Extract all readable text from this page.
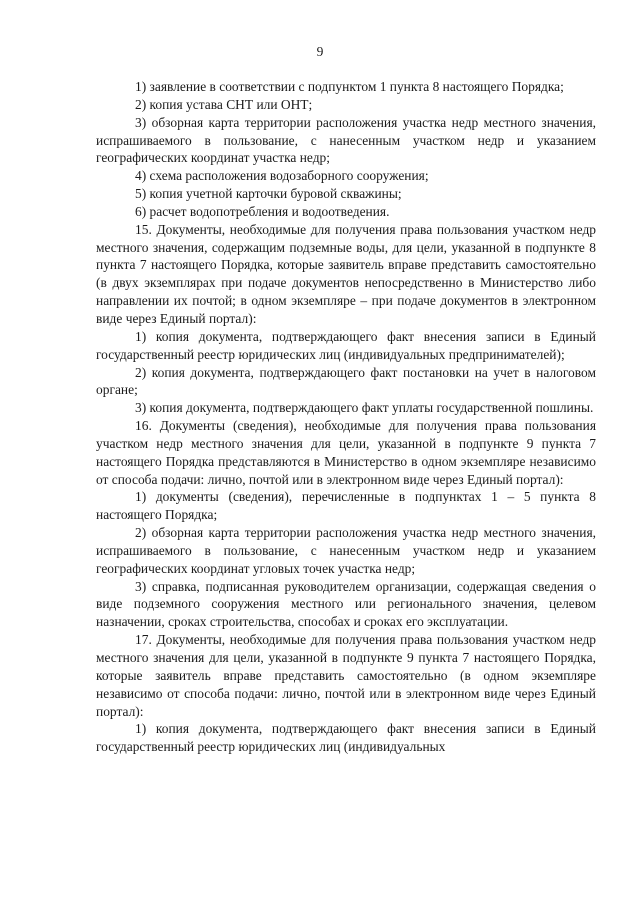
9

1) заявление в соответствии с подпунктом 1 пункта 8 настоящего Порядка;

2) копия устава СНТ или ОНТ;

3) обзорная карта территории расположения участка недр местного значения, испрашиваемого в пользование, с нанесенным участком недр и указанием географических координат участка недр;

4) схема расположения водозаборного сооружения;

5) копия учетной карточки буровой скважины;

6) расчет водопотребления и водоотведения.

15. Документы, необходимые для получения права пользования участком недр местного значения, содержащим подземные воды, для цели, указанной в подпункте 8 пункта 7 настоящего Порядка, которые заявитель вправе представить самостоятельно (в двух экземплярах при подаче документов непосредственно в Министерство либо направлении их почтой; в одном экземпляре – при подаче документов в электронном виде через Единый портал):

1) копия документа, подтверждающего факт внесения записи в Единый государственный реестр юридических лиц (индивидуальных предпринимателей);

2) копия документа, подтверждающего факт постановки на учет в налоговом органе;

3) копия документа, подтверждающего факт уплаты государственной пошлины.

16. Документы (сведения), необходимые для получения права пользования участком недр местного значения для цели, указанной в подпункте 9 пункта 7 настоящего Порядка представляются в Министерство в одном экземпляре независимо от способа подачи: лично, почтой или в электронном виде через Единый портал):

1) документы (сведения), перечисленные в подпунктах 1 – 5 пункта 8 настоящего Порядка;

2) обзорная карта территории расположения участка недр местного значения, испрашиваемого в пользование, с нанесенным участком недр и указанием географических координат угловых точек участка недр;

3) справка, подписанная руководителем организации, содержащая сведения о виде подземного сооружения местного или регионального значения, целевом назначении, сроках строительства, способах и сроках его эксплуатации.

17. Документы, необходимые для получения права пользования участком недр местного значения для цели, указанной в подпункте 9 пункта 7 настоящего Порядка, которые заявитель вправе представить самостоятельно (в одном экземпляре независимо от способа подачи: лично, почтой или в электронном виде через Единый портал):

1) копия документа, подтверждающего факт внесения записи в Единый государственный реестр юридических лиц (индивидуальных
